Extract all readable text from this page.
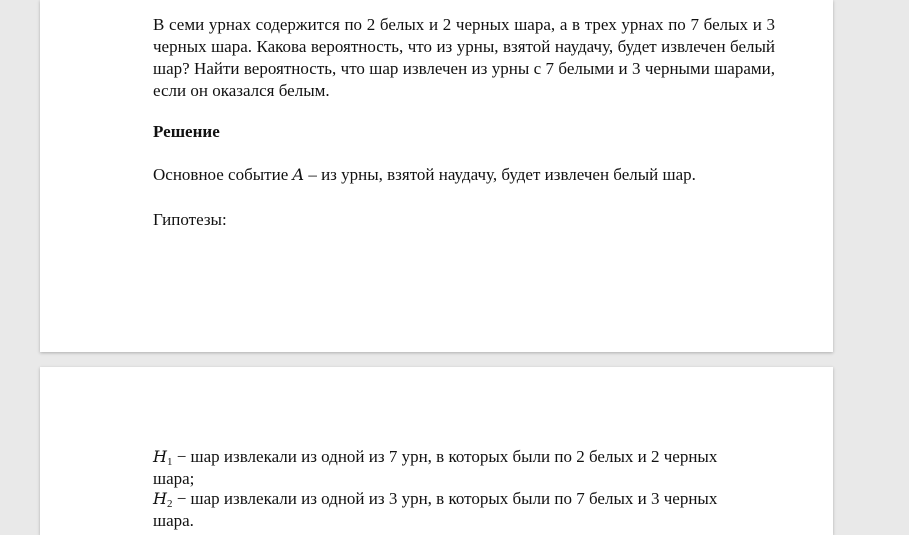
В семи урнах содержится по 2 белых и 2 черных шара, а в трех урнах по 7 белых и 3 черных шара. Какова вероятность, что из урны, взятой наудачу, будет извлечен белый шар? Найти вероятность, что шар извлечен из урны с 7 белыми и 3 черными шарами, если он оказался белым.

Решение

Основное событие A – из урны, взятой наудачу, будет извлечен белый шар.

Гипотезы:

$H_1$ − шар извлекали из одной из 7 урн, в которых были по 2 белых и 2 черных

шара;

$H_2$ − шар извлекали из одной из 3 урн, в которых были по 7 белых и 3 черных

шара.
